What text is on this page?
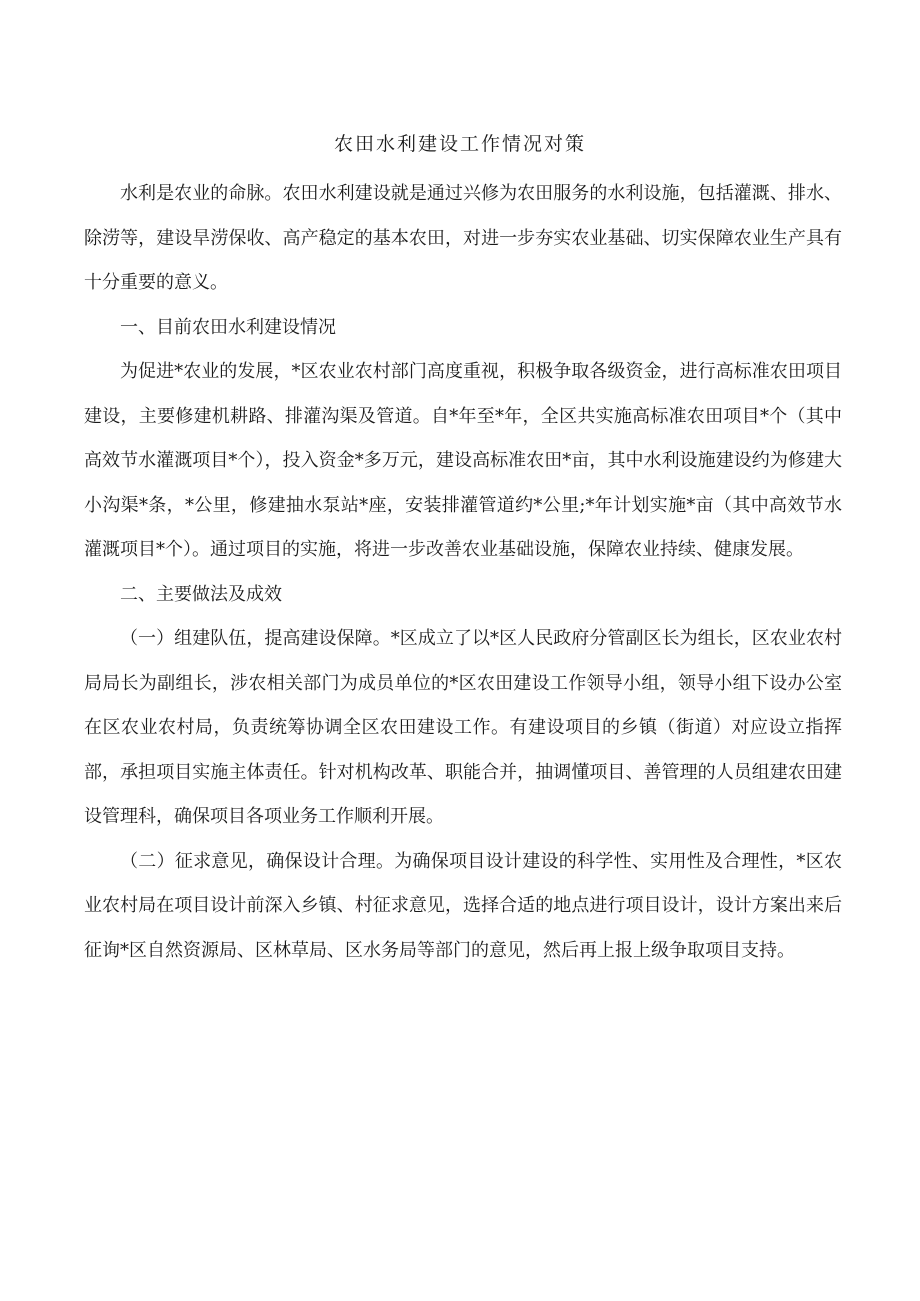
农田水利建设工作情况对策

水利是农业的命脉。农田水利建设就是通过兴修为农田服务的水利设施，包括灌溉、排水、除涝等，建设旱涝保收、高产稳定的基本农田，对进一步夯实农业基础、切实保障农业生产具有十分重要的意义。

一、目前农田水利建设情况

为促进*农业的发展，*区农业农村部门高度重视，积极争取各级资金，进行高标准农田项目建设，主要修建机耕路、排灌沟渠及管道。自*年至*年，全区共实施高标准农田项目*个（其中高效节水灌溉项目*个），投入资金*多万元，建设高标准农田*亩，其中水利设施建设约为修建大小沟渠*条，*公里，修建抽水泵站*座，安装排灌管道约*公里;*年计划实施*亩（其中高效节水灌溉项目*个）。通过项目的实施，将进一步改善农业基础设施，保障农业持续、健康发展。

二、主要做法及成效

（一）组建队伍，提高建设保障。*区成立了以*区人民政府分管副区长为组长，区农业农村局局长为副组长，涉农相关部门为成员单位的*区农田建设工作领导小组，领导小组下设办公室在区农业农村局，负责统筹协调全区农田建设工作。有建设项目的乡镇（街道）对应设立指挥部，承担项目实施主体责任。针对机构改革、职能合并，抽调懂项目、善管理的人员组建农田建设管理科，确保项目各项业务工作顺利开展。

（二）征求意见，确保设计合理。为确保项目设计建设的科学性、实用性及合理性，*区农业农村局在项目设计前深入乡镇、村征求意见，选择合适的地点进行项目设计，设计方案出来后征询*区自然资源局、区林草局、区水务局等部门的意见，然后再上报上级争取项目支持。
